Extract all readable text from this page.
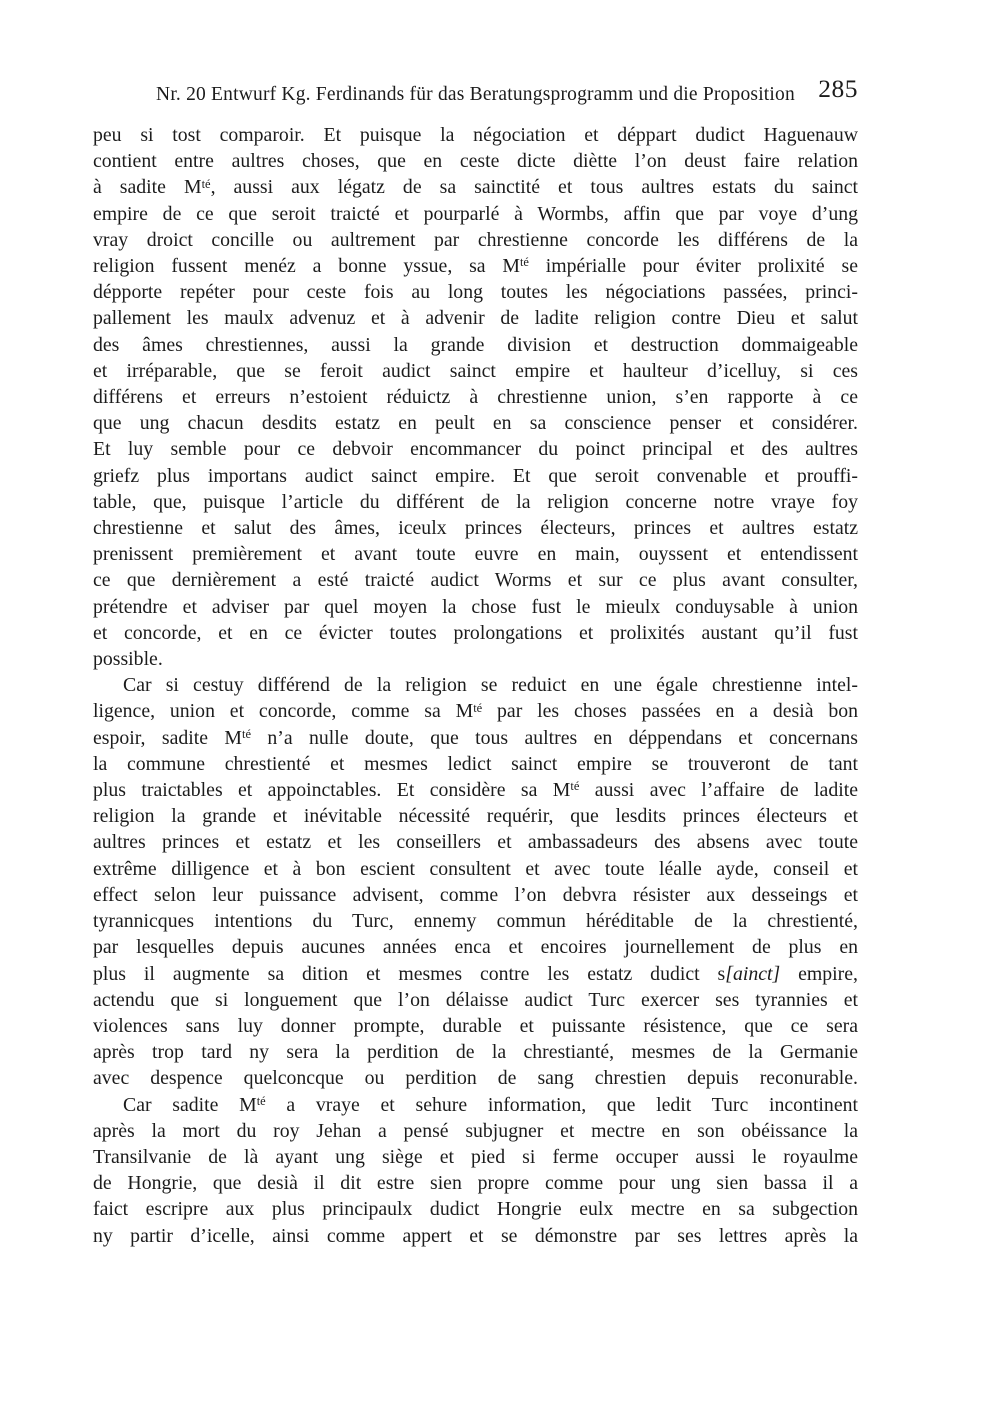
Nr. 20 Entwurf Kg. Ferdinands für das Beratungsprogramm und die Proposition 285
peu si tost comparoir. Et puisque la négociation et déppart dudict Haguenauw
contient entre aultres choses, que en ceste dicte diètte l’on deust faire relation
à sadite $M^{té}$, aussi aux légatz de sa sainctité et tous aultres estats du sainct
empire de ce que seroit traicté et pourparlé à Wormbs, affin que par voye d’ung
vray droict concille ou aultrement par chrestienne concorde les différens de la
religion fussent menéz a bonne yssue, sa $M^{té}$ impérialle pour éviter prolixité se
dépporte repéter pour ceste fois au long toutes les négociations passées, princi-
pallement les maulx advenuz et à advenir de ladite religion contre Dieu et salut
des âmes chrestiennes, aussi la grande division et destruction dommaigeable
et irréparable, que se feroit audict sainct empire et haulteur d’icelluy, si ces
différens et erreurs n’estoient réduictz à chrestienne union, s’en rapporte à ce
que ung chacun desdits estatz en peult en sa conscience penser et considérer.
Et luy semble pour ce debvoir encommancer du poinct principal et des aultres
griefz plus importans audict sainct empire. Et que seroit convenable et prouffi-
table, que, puisque l’article du différent de la religion concerne notre vraye foy
chrestienne et salut des âmes, iceulx princes électeurs, princes et aultres estatz
prenissent premièrement et avant toute euvre en main, ouyssent et entendissent
ce que dernièrement a esté traicté audict Worms et sur ce plus avant consulter,
prétendre et adviser par quel moyen la chose fust le mieulx conduysable à union
et concorde, et en ce évicter toutes prolongations et prolixités austant qu’il fust
possible.
Car si cestuy différend de la religion se reduict en une égale chrestienne intel-
ligence, union et concorde, comme sa $M^{té}$ par les choses passées en a desià bon
espoir, sadite $M^{té}$ n’a nulle doute, que tous aultres en déppendans et concernans
la commune chrestienté et mesmes ledict sainct empire se trouveront de tant
plus traictables et appoinctables. Et considère sa $M^{té}$ aussi avec l’affaire de ladite
religion la grande et inévitable nécessité requérir, que lesdits princes électeurs et
aultres princes et estatz et les conseillers et ambassadeurs des absens avec toute
extrême dilligence et à bon escient consultent et avec toute léalle ayde, conseil et
effect selon leur puissance advisent, comme l’on debvra résister aux desseings et
tyrannicques intentions du Turc, ennemy commun héréditable de la chrestienté,
par lesquelles depuis aucunes années enca et encoires journellement de plus en
plus il augmente sa dition et mesmes contre les estatz dudict s[ainct] empire,
actendu que si longuement que l’on délaisse audict Turc exercer ses tyrannies et
violences sans luy donner prompte, durable et puissante résistence, que ce sera
après trop tard ny sera la perdition de la chrestianté, mesmes de la Germanie
avec despence quelconcque ou perdition de sang chrestien depuis reconurable.
Car sadite $M^{té}$ a vraye et sehure information, que ledit Turc incontinent
après la mort du roy Jehan a pensé subjugner et mectre en son obéissance la
Transilvanie de là ayant ung siège et pied si ferme occuper aussi le royaulme
de Hongrie, que desià il dit estre sien propre comme pour ung sien bassa il a
faict escripre aux plus principaulx dudict Hongrie eulx mectre en sa subgection
ny partir d’icelle, ainsi comme appert et se démonstre par ses lettres après la
